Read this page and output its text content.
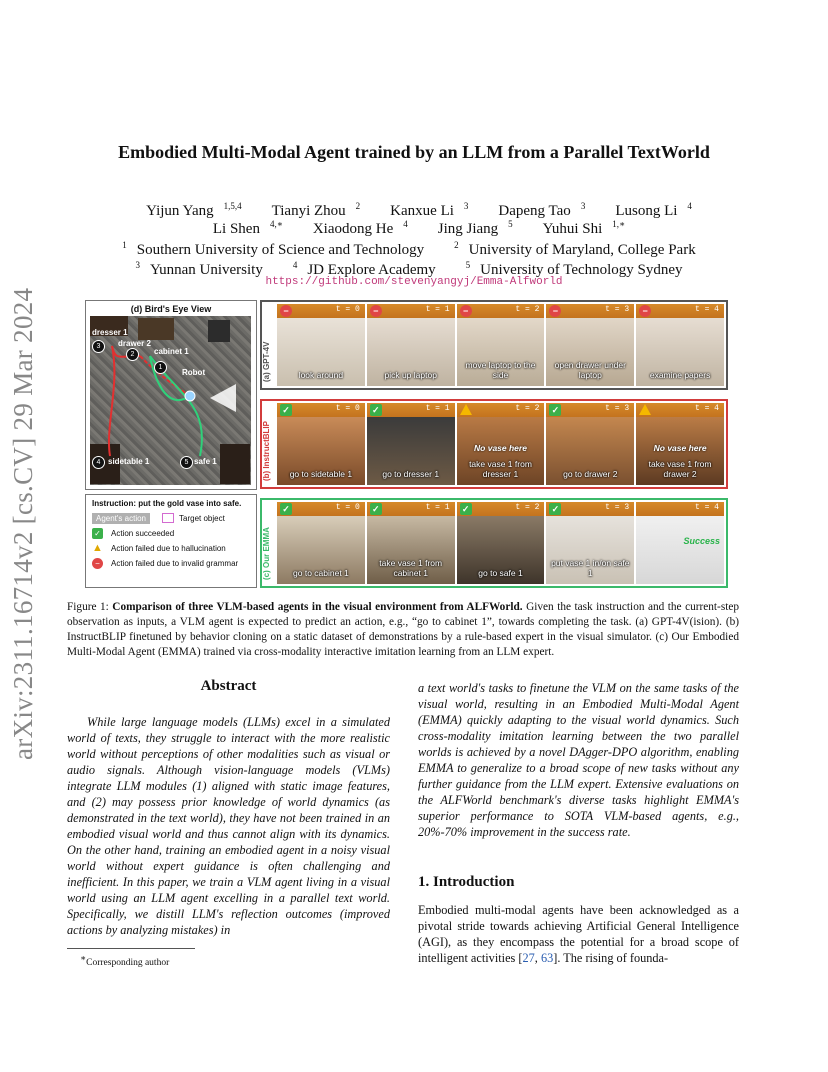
arXiv:2311.16714v2 [cs.CV] 29 Mar 2024
Embodied Multi-Modal Agent trained by an LLM from a Parallel TextWorld
Yijun Yang $^{1,5,4}$ Tianyi Zhou $^2$ Kanxue Li $^3$ Dapeng Tao $^3$ Lusong Li $^4$
Li Shen $^{4,∗}$ Xiaodong He $^4$ Jing Jiang $^5$ Yuhui Shi $^{1,∗}$
$^1$ Southern University of Science and Technology	$^2$ University of Maryland, College Park
$^3$ Yunnan University	$^4$ JD Explore Academy	$^5$ University of Technology Sydney
https://github.com/stevenyangyj/Emma-Alfworld
(d) Bird's Eye View
dresser 1
drawer 2
cabinet 1
Robot
sidetable 1	safe 1
1
2
3
4	5
Instruction: put the gold vase into safe.
Agent's action	Target object
✓ Action succeeded
▲ Action failed due to hallucination
−	Action failed due to invalid grammar
(a) GPT-4V
t = 0
−
look around
t = 1
−
pick up laptop
t = 2
−
move laptop to the side
t = 3
−
open drawer under laptop
t = 4
−
examine papers
(b) InstructBLIP
t = 0
✓
go to sidetable 1
t = 1
✓
go to dresser 1
t = 2
No vase here
take vase 1 from dresser 1
t = 3
✓
go to drawer 2
t = 4
No vase here
take vase 1 from drawer 2
(c) Our EMMA
t = 0
✓
go to cabinet 1
t = 1
✓
take vase 1 from cabinet 1
t = 2
✓
go to safe 1
t = 3
✓
put vase 1 in/on safe 1
t = 4
Success
Figure 1: Comparison of three VLM-based agents in the visual environment from ALFWorld. Given the task instruction and the current-step observation as inputs, a VLM agent is expected to predict an action, e.g., “go to cabinet 1”, towards completing the task. (a) GPT-4V(ision). (b) InstructBLIP finetuned by behavior cloning on a static dataset of demonstrations by a rule-based expert in the visual simulator. (c) Our Embodied Multi-Modal Agent (EMMA) trained via cross-modality interactive imitation learning from an LLM expert.
Abstract
While large language models (LLMs) excel in a simulated world of texts, they struggle to interact with the more realistic world without perceptions of other modalities such as visual or audio signals. Although vision-language models (VLMs) integrate LLM modules (1) aligned with static image features, and (2) may possess prior knowledge of world dynamics (as demonstrated in the text world), they have not been trained in an embodied visual world and thus cannot align with its dynamics. On the other hand, training an embodied agent in a noisy visual world without expert guidance is often challenging and inefficient. In this paper, we train a VLM agent living in a visual world using an LLM agent excelling in a parallel text world. Specifically, we distill LLM's reflection outcomes (improved actions by analyzing mistakes) in
a text world's tasks to finetune the VLM on the same tasks of the visual world, resulting in an Embodied Multi-Modal Agent (EMMA) quickly adapting to the visual world dynamics. Such cross-modality imitation learning between the two parallel worlds is achieved by a novel DAgger-DPO algorithm, enabling EMMA to generalize to a broad scope of new tasks without any further guidance from the LLM expert. Extensive evaluations on the ALFWorld benchmark's diverse tasks highlight EMMA's superior performance to SOTA VLM-based agents, e.g., 20%-70% improvement in the success rate.
1. Introduction
Embodied multi-modal agents have been acknowledged as a pivotal stride towards achieving Artificial General Intelligence (AGI), as they encompass the potential for a broad scope of intelligent activities [27, 63]. The rising of founda-
∗Corresponding author
